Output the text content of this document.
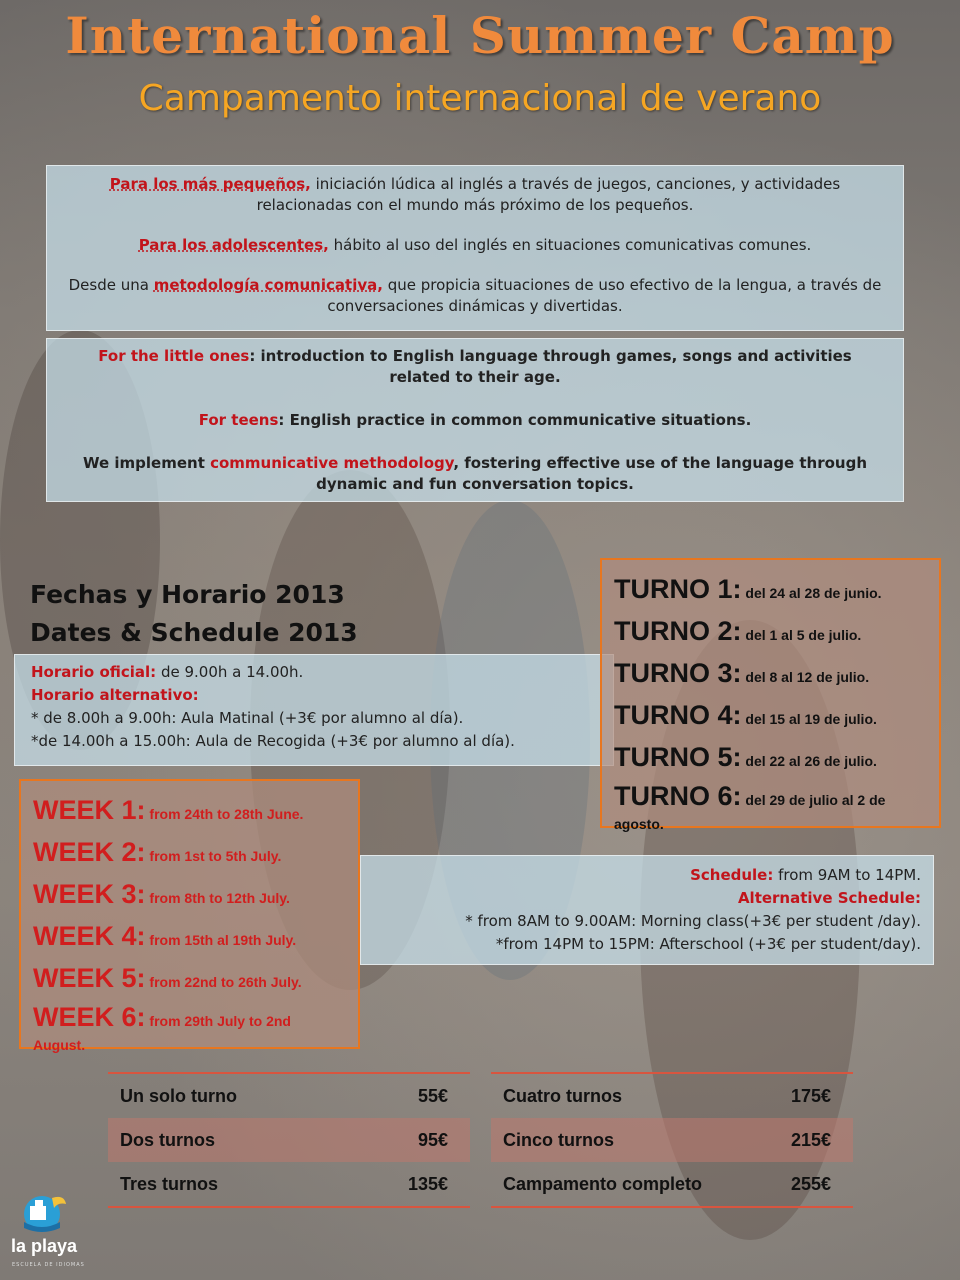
International Summer Camp
Campamento internacional de verano

Para los más pequeños, iniciación lúdica al inglés a través de juegos, canciones, y actividades relacionadas con el mundo más próximo de los pequeños.

Para los adolescentes, hábito al uso del inglés en situaciones comunicativas comunes.

Desde una metodología comunicativa, que propicia situaciones de uso efectivo de la lengua, a través de conversaciones dinámicas y divertidas.

For the little ones: introduction to English language through games, songs and activities related to their age.

For teens: English practice in common communicative situations.

We implement communicative methodology, fostering effective use of the language through dynamic and fun conversation topics.

Fechas y Horario 2013
Dates & Schedule 2013
Horario oficial: de 9.00h a 14.00h.
Horario alternativo:
* de 8.00h a 9.00h: Aula Matinal (+3€ por alumno al día).
*de 14.00h a 15.00h: Aula de Recogida (+3€ por alumno al día).
TURNO 1: del 24 al 28 de junio.
TURNO 2: del 1 al 5 de julio.
TURNO 3: del 8 al 12 de julio.
TURNO 4: del 15 al 19 de julio.
TURNO 5: del 22 al 26 de julio.
TURNO 6: del 29 de julio al 2 de agosto.
WEEK 1: from 24th to 28th June.
WEEK 2: from 1st to 5th July.
WEEK 3: from 8th to 12th July.
WEEK 4: from 15th al 19th July.
WEEK 5: from 22nd to 26th July.
WEEK 6: from 29th July to 2nd August.
Schedule: from 9AM to 14PM.
Alternative Schedule:
* from 8AM to 9.00AM: Morning class(+3€ per student /day).
*from 14PM to 15PM: Afterschool (+3€ per student/day).
Un solo turno	55€
Dos turnos	95€
Tres turnos	135€
Cuatro turnos	175€
Cinco turnos	215€
Campamento completo	255€
la playa
ESCUELA DE IDIOMAS
